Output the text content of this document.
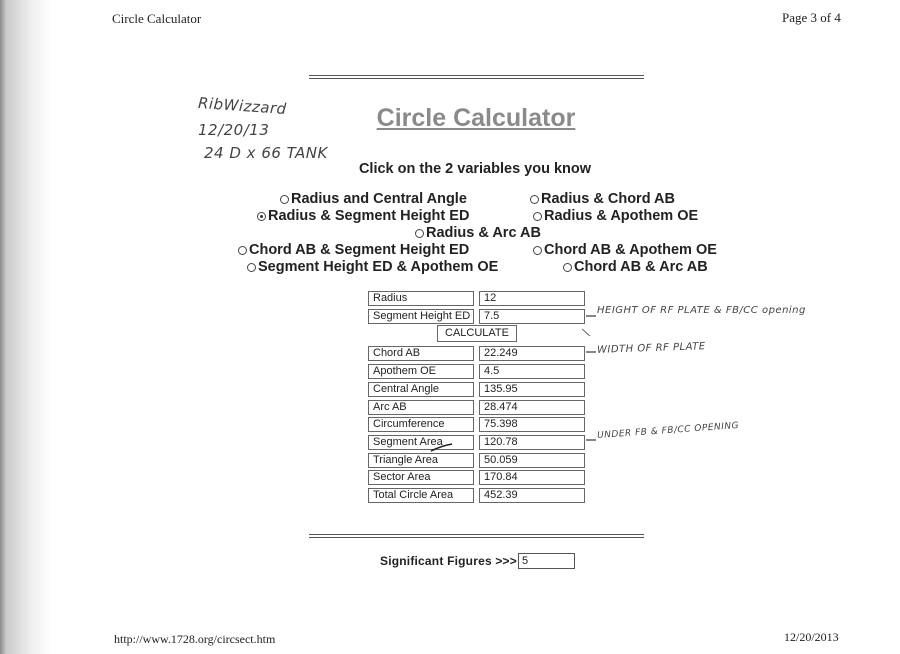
Circle Calculator	Page 3 of 4
RibWizzard
12/20/13
24 D x 66 TANK
Circle Calculator
Click on the 2 variables you know
Radius and Central Angle	Radius & Chord AB
Radius & Segment Height ED	Radius & Apothem OE
Radius & Arc AB
Chord AB & Segment Height ED	Chord AB & Apothem OE
Segment Height ED & Apothem OE	Chord AB & Arc AB
Radius	12
Segment Height ED	7.5
CALCULATE
Chord AB	22.249
Apothem OE	4.5
Central Angle	135.95
Arc AB	28.474
Circumference	75.398
Segment Area	120.78
Triangle Area	50.059
Sector Area	170.84
Total Circle Area	452.39
HEIGHT OF RF PLATE & FB/CC opening
WIDTH OF RF PLATE
UNDER FB & FB/CC OPENING
Significant Figures >>> 5
http://www.1728.org/circsect.htm	12/20/2013
